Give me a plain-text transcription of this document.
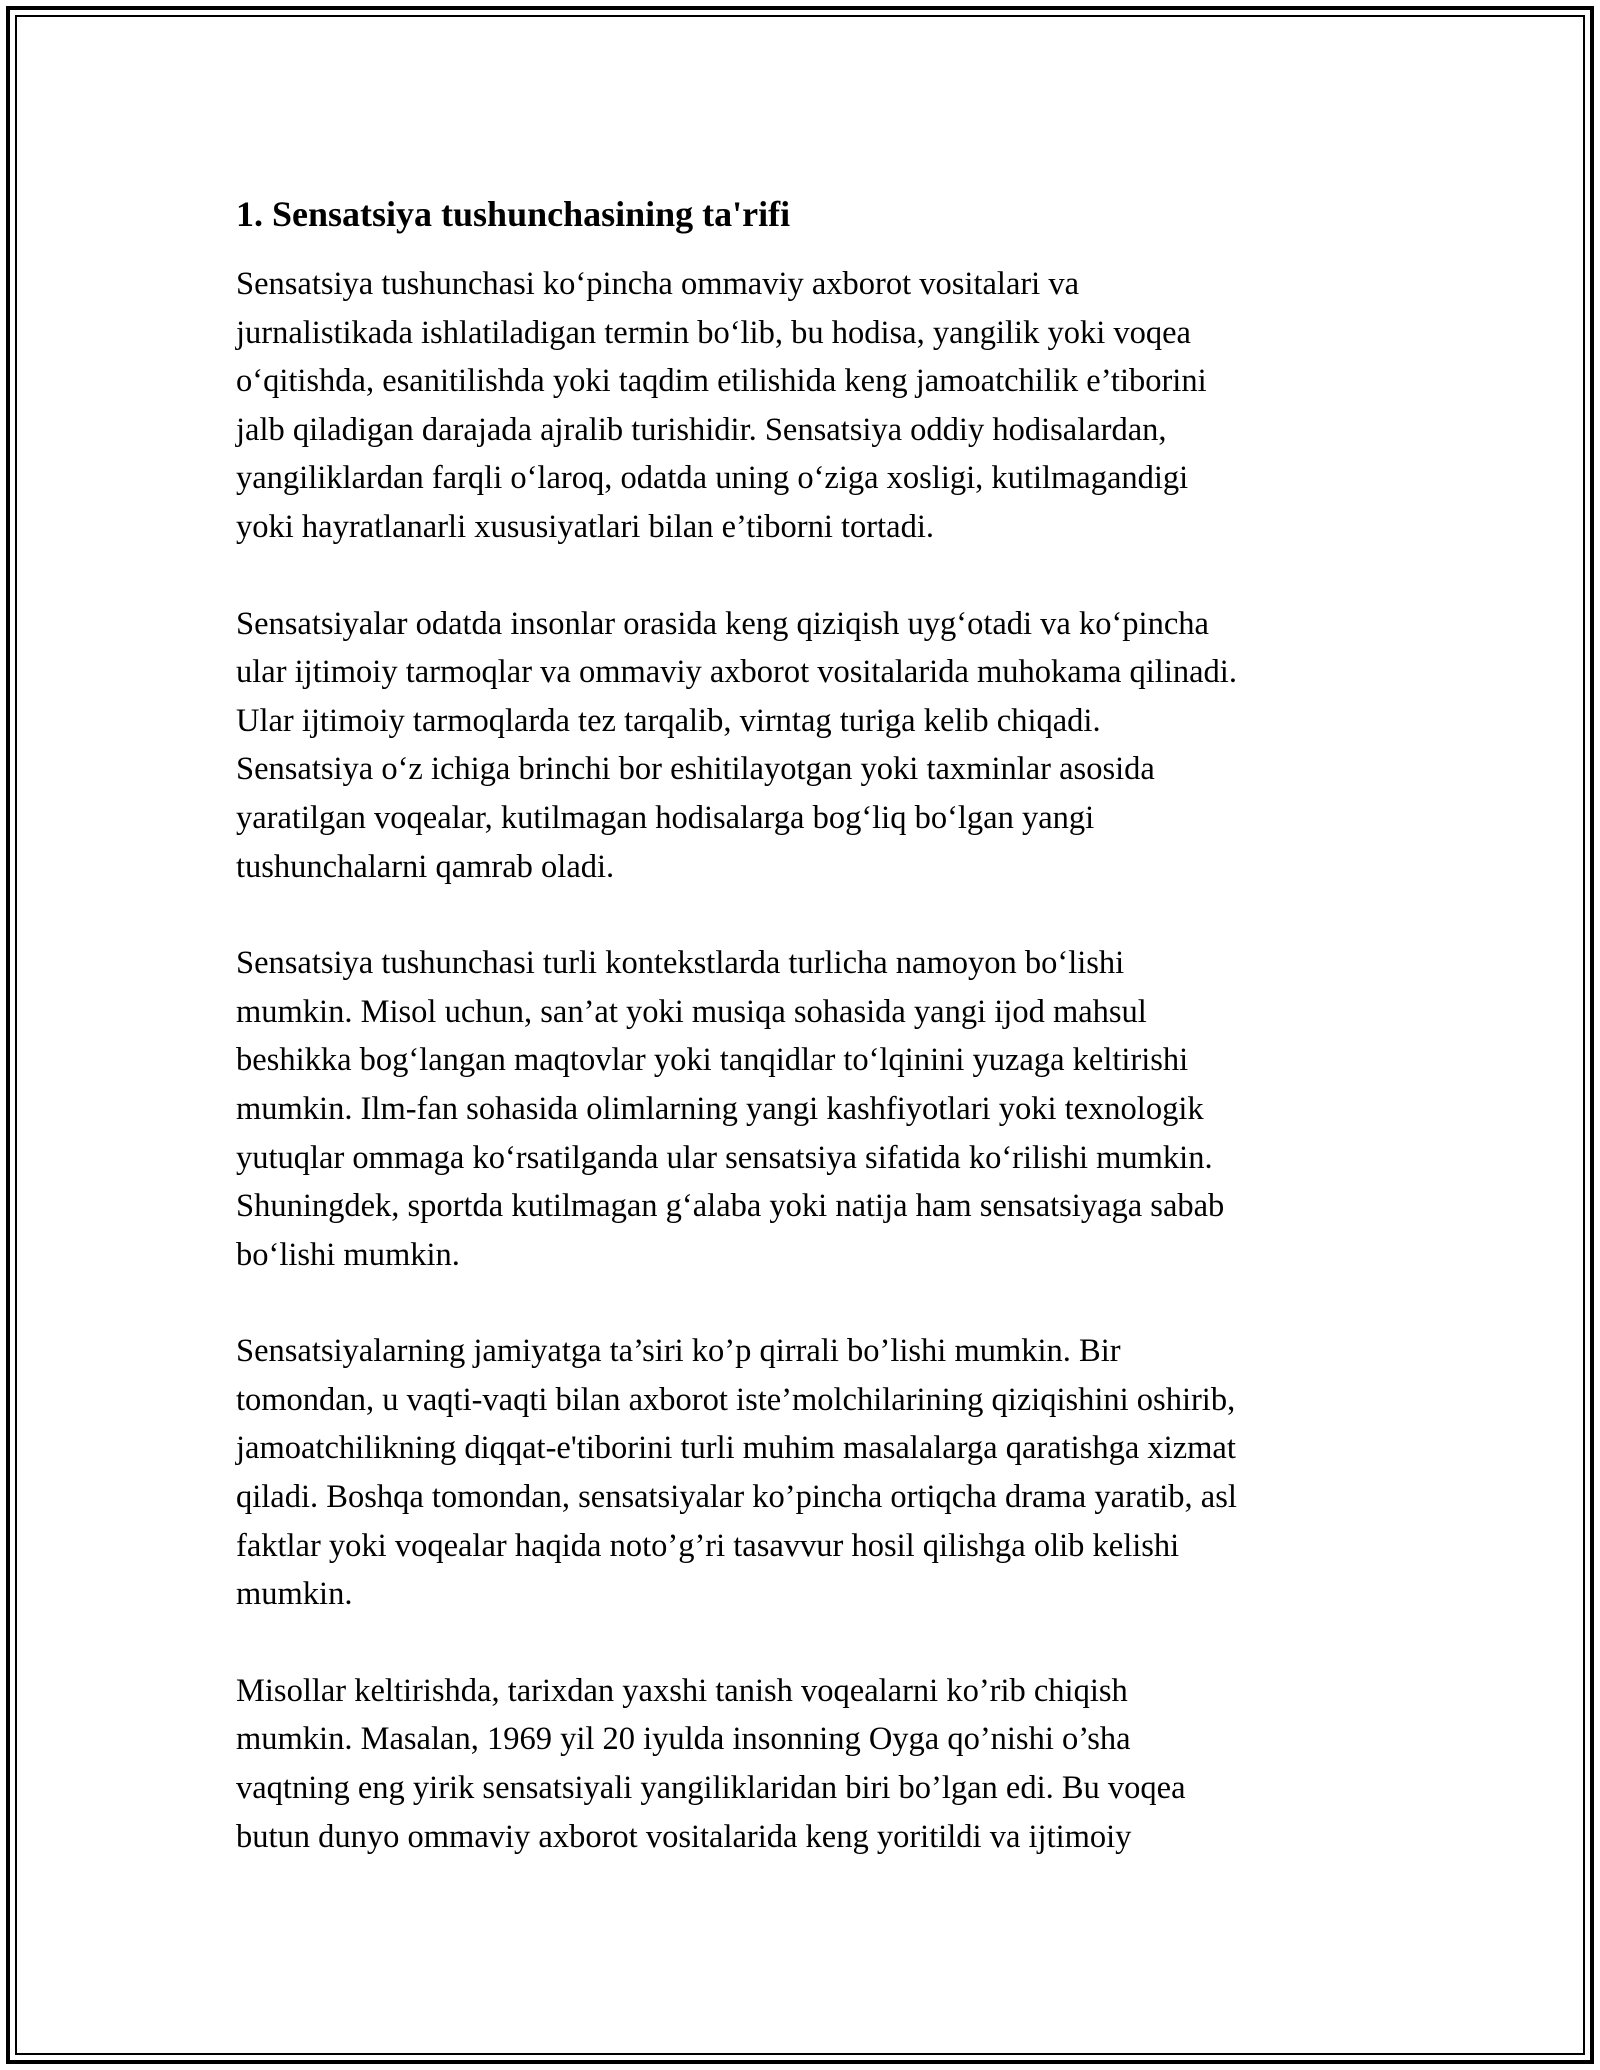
1. Sensatsiya tushunchasining ta'rifi

Sensatsiya tushunchasi ko‘pincha ommaviy axborot vositalari va
jurnalistikada ishlatiladigan termin bo‘lib, bu hodisa, yangilik yoki voqea
o‘qitishda, esanitilishda yoki taqdim etilishida keng jamoatchilik e’tiborini
jalb qiladigan darajada ajralib turishidir. Sensatsiya oddiy hodisalardan,
yangiliklardan farqli o‘laroq, odatda uning o‘ziga xosligi, kutilmagandigi
yoki hayratlanarli xususiyatlari bilan e’tiborni tortadi.

Sensatsiyalar odatda insonlar orasida keng qiziqish uyg‘otadi va ko‘pincha
ular ijtimoiy tarmoqlar va ommaviy axborot vositalarida muhokama qilinadi.
Ular ijtimoiy tarmoqlarda tez tarqalib, virntag turiga kelib chiqadi.
Sensatsiya o‘z ichiga brinchi bor eshitilayotgan yoki taxminlar asosida
yaratilgan voqealar, kutilmagan hodisalarga bog‘liq bo‘lgan yangi
tushunchalarni qamrab oladi.

Sensatsiya tushunchasi turli kontekstlarda turlicha namoyon bo‘lishi
mumkin. Misol uchun, san’at yoki musiqa sohasida yangi ijod mahsul
beshikka bog‘langan maqtovlar yoki tanqidlar to‘lqinini yuzaga keltirishi
mumkin. Ilm-fan sohasida olimlarning yangi kashfiyotlari yoki texnologik
yutuqlar ommaga ko‘rsatilganda ular sensatsiya sifatida ko‘rilishi mumkin.
Shuningdek, sportda kutilmagan g‘alaba yoki natija ham sensatsiyaga sabab
bo‘lishi mumkin.

Sensatsiyalarning jamiyatga ta’siri ko’p qirrali bo’lishi mumkin. Bir
tomondan, u vaqti-vaqti bilan axborot iste’molchilarining qiziqishini oshirib,
jamoatchilikning diqqat-e'tiborini turli muhim masalalarga qaratishga xizmat
qiladi. Boshqa tomondan, sensatsiyalar ko’pincha ortiqcha drama yaratib, asl
faktlar yoki voqealar haqida noto’g’ri tasavvur hosil qilishga olib kelishi
mumkin.

Misollar keltirishda, tarixdan yaxshi tanish voqealarni ko’rib chiqish
mumkin. Masalan, 1969 yil 20 iyulda insonning Oyga qo’nishi o’sha
vaqtning eng yirik sensatsiyali yangiliklaridan biri bo’lgan edi. Bu voqea
butun dunyo ommaviy axborot vositalarida keng yoritildi va ijtimoiy
